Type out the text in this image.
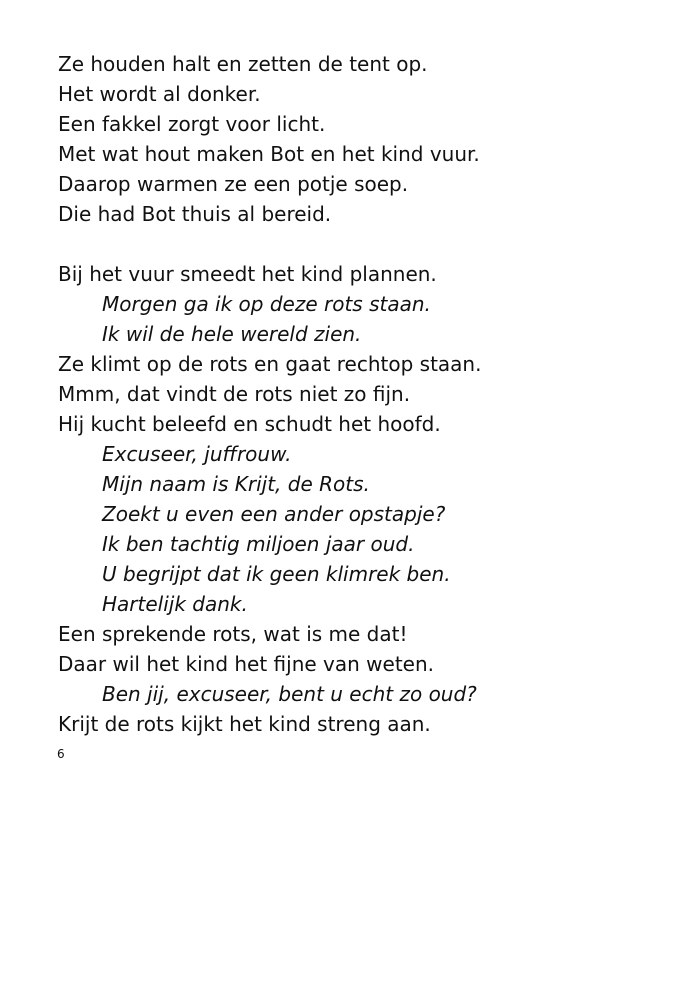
Ze houden halt en zetten de tent op.
Het wordt al donker.
Een fakkel zorgt voor licht.
Met wat hout maken Bot en het kind vuur.
Daarop warmen ze een potje soep.
Die had Bot thuis al bereid.
Bij het vuur smeedt het kind plannen.
Morgen ga ik op deze rots staan.
Ik wil de hele wereld zien.
Ze klimt op de rots en gaat rechtop staan.
Mmm, dat vindt de rots niet zo fijn.
Hij kucht beleefd en schudt het hoofd.
Excuseer, juffrouw.
Mijn naam is Krijt, de Rots.
Zoekt u even een ander opstapje?
Ik ben tachtig miljoen jaar oud.
U begrijpt dat ik geen klimrek ben.
Hartelijk dank.
Een sprekende rots, wat is me dat!
Daar wil het kind het fijne van weten.
Ben jij, excuseer, bent u echt zo oud?
Krijt de rots kijkt het kind streng aan.
6
